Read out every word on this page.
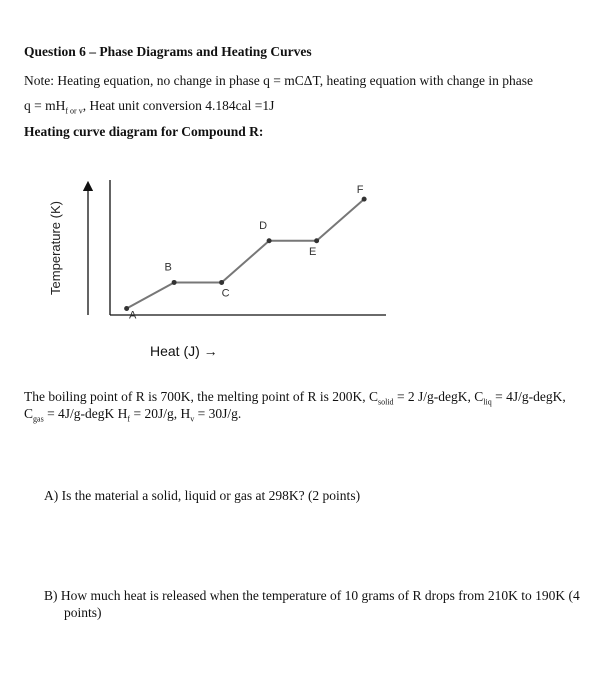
Question 6 – Phase Diagrams and Heating Curves
Note: Heating equation, no change in phase q = mCΔT, heating equation with change in phase
$q = mH_{f or v}$, Heat unit conversion 4.184cal =1J
Heating curve diagram for Compound R:
Temperature (K)
A
B
C
D
E
F
Heat (J) →
The boiling point of R is 700K, the melting point of R is 200K, $C_{solid} = 2$ J/g-degK, $C_{liq}$ = 4J/g-degK,
$C_{gas}$ = 4J/g-degK $H_f = 20J/g$, $H_v = 30J/g$.
A) Is the material a solid, liquid or gas at 298K? (2 points)
B) How much heat is released when the temperature of 10 grams of R drops from 210K to 190K (4 points)
